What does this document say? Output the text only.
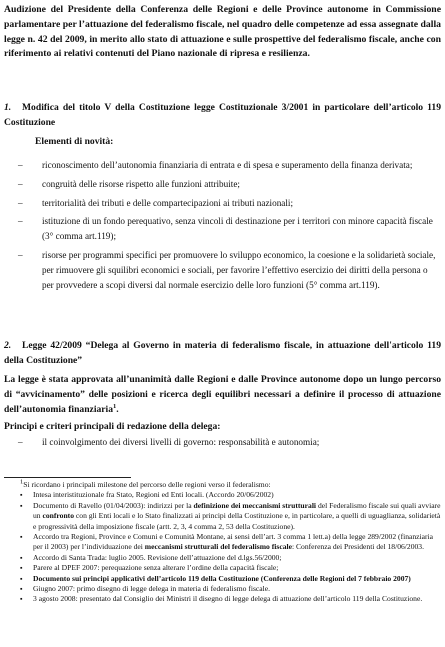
Audizione del Presidente della Conferenza delle Regioni e delle Province autonome in Commissione parlamentare per l’attuazione del federalismo fiscale, nel quadro delle competenze ad essa assegnate dalla legge n. 42 del 2009, in merito allo stato di attuazione e sulle prospettive del federalismo fiscale, anche con riferimento ai relativi contenuti del Piano nazionale di ripresa e resilienza.

1. Modifica del titolo V della Costituzione legge Costituzionale 3/2001 in particolare dell’articolo 119 Costituzione

Elementi di novità:
– riconoscimento dell’autonomia finanziaria di entrata e di spesa e superamento della finanza derivata;
– congruità delle risorse rispetto alle funzioni attribuite;
– territorialità dei tributi e delle compartecipazioni ai tributi nazionali;
– istituzione di un fondo perequativo, senza vincoli di destinazione per i territori con minore capacità fiscale (3° comma art.119);
– risorse per programmi specifici per promuovere lo sviluppo economico, la coesione e la solidarietà sociale, per rimuovere gli squilibri economici e sociali, per favorire l’effettivo esercizio dei diritti della persona o per provvedere a scopi diversi dal normale esercizio delle loro funzioni (5° comma art.119).

2. Legge 42/2009 “Delega al Governo in materia di federalismo fiscale, in attuazione dell'articolo 119 della Costituzione”

La legge è stata approvata all’unanimità dalle Regioni e dalle Province autonome dopo un lungo percorso di “avvicinamento” delle posizioni e ricerca degli equilibri necessari a definire il processo di attuazione dell’autonomia finanziaria$^1$.

Principi e criteri principali di redazione della delega:

– il coinvolgimento dei diversi livelli di governo: responsabilità e autonomia;
$^1$Si ricordano i principali milestone del percorso delle regioni verso il federalismo:
▪ Intesa interistituzionale fra Stato, Regioni ed Enti locali. (Accordo 20/06/2002)
▪ Documento di Ravello (01/04/2003): indirizzi per la definizione dei meccanismi strutturali del Federalismo fiscale sui quali avviare un confronto con gli Enti locali e lo Stato finalizzati ai principi della Costituzione e, in particolare, a quelli di uguaglianza, solidarietà e progressività della imposizione fiscale (artt. 2, 3, 4 comma 2, 53 della Costituzione).
▪ Accordo tra Regioni, Province e Comuni e Comunità Montane, ai sensi dell’art. 3 comma 1 lett.a) della legge 289/2002 (finanziaria per il 2003) per l’individuazione dei meccanismi strutturali del federalismo fiscale: Conferenza dei Presidenti del 18/06/2003.
▪ Accordo di Santa Trada: luglio 2005. Revisione dell’attuazione del d.lgs.56/2000;
▪ Parere al DPEF 2007: perequazione senza alterare l’ordine della capacità fiscale;
▪ Documento sui principi applicativi dell’articolo 119 della Costituzione (Conferenza delle Regioni del 7 febbraio 2007)
▪ Giugno 2007: primo disegno di legge delega in materia di federalismo fiscale.
▪ 3 agosto 2008: presentato dal Consiglio dei Ministri il disegno di legge delega di attuazione dell’articolo 119 della Costituzione.
